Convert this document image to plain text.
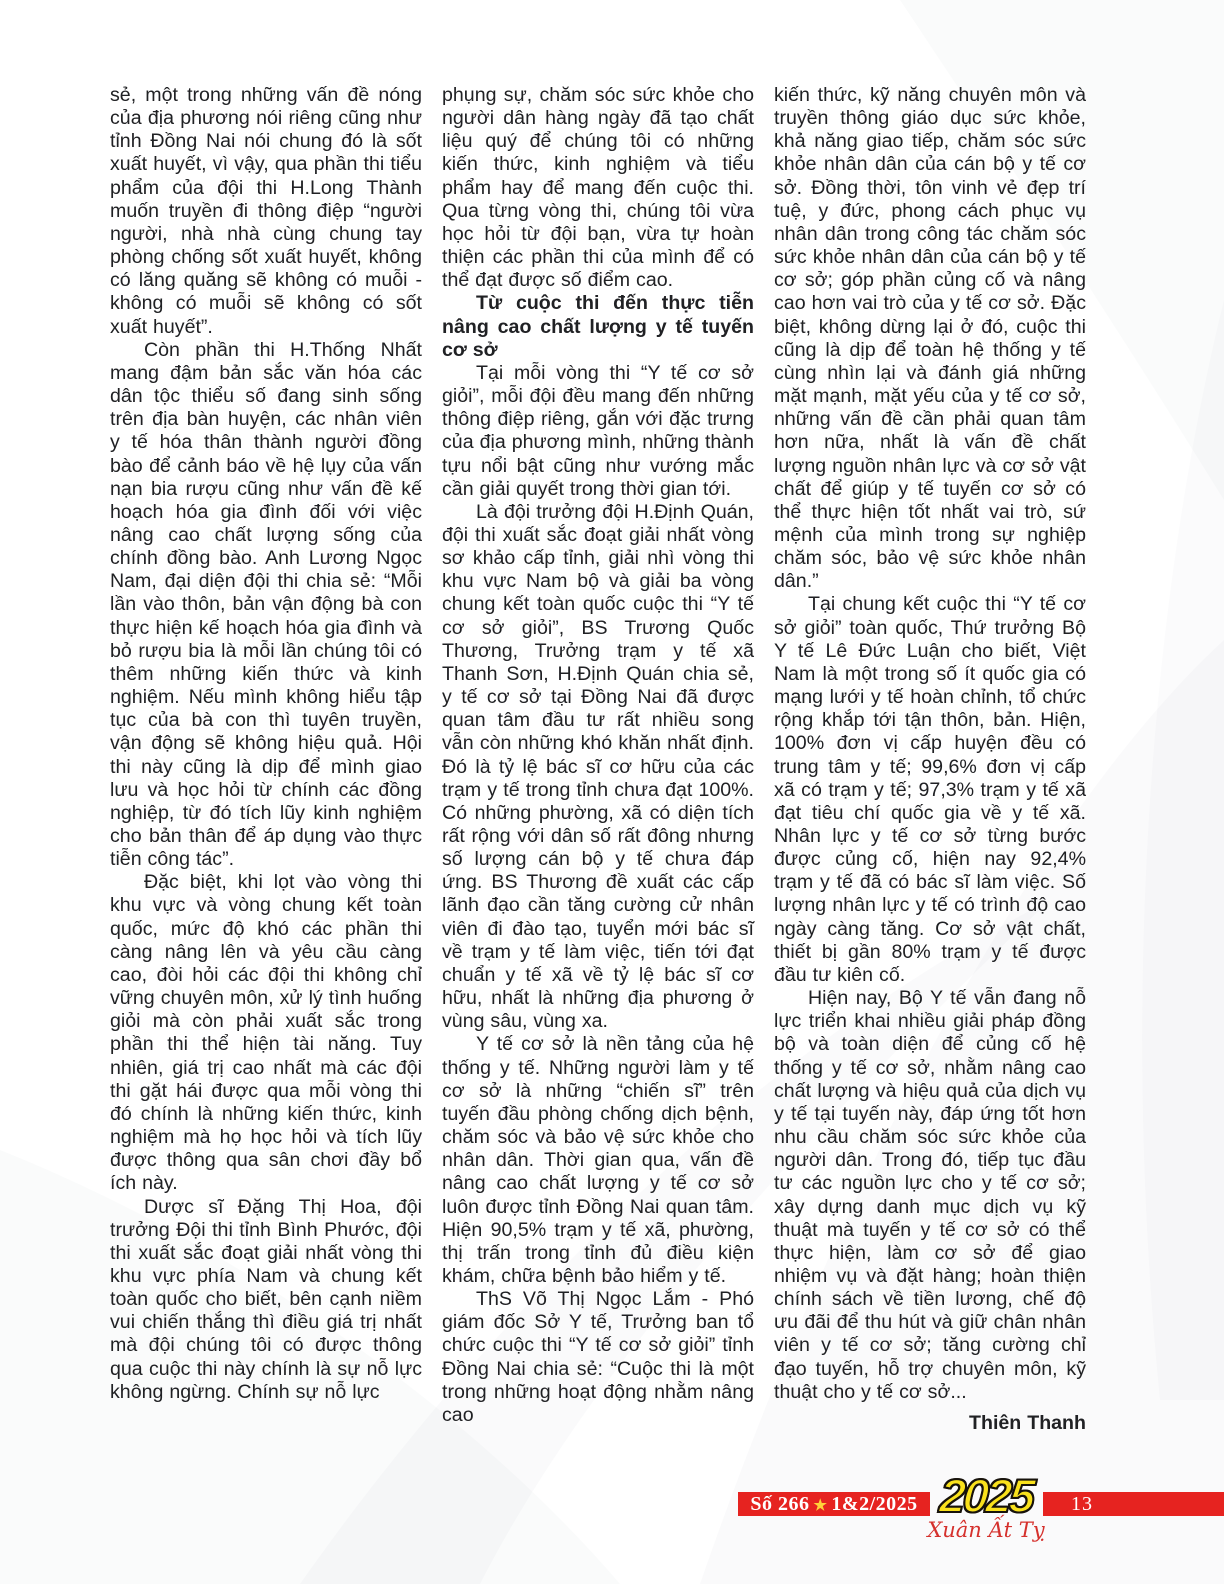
sẻ, một trong những vấn đề nóng của địa phương nói riêng cũng như tỉnh Đồng Nai nói chung đó là sốt xuất huyết, vì vậy, qua phần thi tiểu phẩm của đội thi H.Long Thành muốn truyền đi thông điệp “người người, nhà nhà cùng chung tay phòng chống sốt xuất huyết, không có lăng quăng sẽ không có muỗi - không có muỗi sẽ không có sốt xuất huyết”.

Còn phần thi H.Thống Nhất mang đậm bản sắc văn hóa các dân tộc thiểu số đang sinh sống trên địa bàn huyện, các nhân viên y tế hóa thân thành người đồng bào để cảnh báo về hệ lụy của vấn nạn bia rượu cũng như vấn đề kế hoạch hóa gia đình đối với việc nâng cao chất lượng sống của chính đồng bào. Anh Lương Ngọc Nam, đại diện đội thi chia sẻ: “Mỗi lần vào thôn, bản vận động bà con thực hiện kế hoạch hóa gia đình và bỏ rượu bia là mỗi lần chúng tôi có thêm những kiến thức và kinh nghiệm. Nếu mình không hiểu tập tục của bà con thì tuyên truyền, vận động sẽ không hiệu quả. Hội thi này cũng là dịp để mình giao lưu và học hỏi từ chính các đồng nghiệp, từ đó tích lũy kinh nghiệm cho bản thân để áp dụng vào thực tiễn công tác”.

Đặc biệt, khi lọt vào vòng thi khu vực và vòng chung kết toàn quốc, mức độ khó các phần thi càng nâng lên và yêu cầu càng cao, đòi hỏi các đội thi không chỉ vững chuyên môn, xử lý tình huống giỏi mà còn phải xuất sắc trong phần thi thể hiện tài năng. Tuy nhiên, giá trị cao nhất mà các đội thi gặt hái được qua mỗi vòng thi đó chính là những kiến thức, kinh nghiệm mà họ học hỏi và tích lũy được thông qua sân chơi đầy bổ ích này.

Dược sĩ Đặng Thị Hoa, đội trưởng Đội thi tỉnh Bình Phước, đội thi xuất sắc đoạt giải nhất vòng thi khu vực phía Nam và chung kết toàn quốc cho biết, bên cạnh niềm vui chiến thắng thì điều giá trị nhất mà đội chúng tôi có được thông qua cuộc thi này chính là sự nỗ lực không ngừng. Chính sự nỗ lực

phụng sự, chăm sóc sức khỏe cho người dân hàng ngày đã tạo chất liệu quý để chúng tôi có những kiến thức, kinh nghiệm và tiểu phẩm hay để mang đến cuộc thi. Qua từng vòng thi, chúng tôi vừa học hỏi từ đội bạn, vừa tự hoàn thiện các phần thi của mình để có thể đạt được số điểm cao.

Từ cuộc thi đến thực tiễn nâng cao chất lượng y tế tuyến cơ sở

Tại mỗi vòng thi “Y tế cơ sở giỏi”, mỗi đội đều mang đến những thông điệp riêng, gắn với đặc trưng của địa phương mình, những thành tựu nổi bật cũng như vướng mắc cần giải quyết trong thời gian tới.

Là đội trưởng đội H.Định Quán, đội thi xuất sắc đoạt giải nhất vòng sơ khảo cấp tỉnh, giải nhì vòng thi khu vực Nam bộ và giải ba vòng chung kết toàn quốc cuộc thi “Y tế cơ sở giỏi”, BS Trương Quốc Thương, Trưởng trạm y tế xã Thanh Sơn, H.Định Quán chia sẻ, y tế cơ sở tại Đồng Nai đã được quan tâm đầu tư rất nhiều song vẫn còn những khó khăn nhất định. Đó là tỷ lệ bác sĩ cơ hữu của các trạm y tế trong tỉnh chưa đạt 100%. Có những phường, xã có diện tích rất rộng với dân số rất đông nhưng số lượng cán bộ y tế chưa đáp ứng. BS Thương đề xuất các cấp lãnh đạo cần tăng cường cử nhân viên đi đào tạo, tuyển mới bác sĩ về trạm y tế làm việc, tiến tới đạt chuẩn y tế xã về tỷ lệ bác sĩ cơ hữu, nhất là những địa phương ở vùng sâu, vùng xa.

Y tế cơ sở là nền tảng của hệ thống y tế. Những người làm y tế cơ sở là những “chiến sĩ” trên tuyến đầu phòng chống dịch bệnh, chăm sóc và bảo vệ sức khỏe cho nhân dân. Thời gian qua, vấn đề nâng cao chất lượng y tế cơ sở luôn được tỉnh Đồng Nai quan tâm. Hiện 90,5% trạm y tế xã, phường, thị trấn trong tỉnh đủ điều kiện khám, chữa bệnh bảo hiểm y tế.

ThS Võ Thị Ngọc Lắm - Phó giám đốc Sở Y tế, Trưởng ban tổ chức cuộc thi “Y tế cơ sở giỏi” tỉnh Đồng Nai chia sẻ: “Cuộc thi là một trong những hoạt động nhằm nâng cao

kiến thức, kỹ năng chuyên môn và truyền thông giáo dục sức khỏe, khả năng giao tiếp, chăm sóc sức khỏe nhân dân của cán bộ y tế cơ sở. Đồng thời, tôn vinh vẻ đẹp trí tuệ, y đức, phong cách phục vụ nhân dân trong công tác chăm sóc sức khỏe nhân dân của cán bộ y tế cơ sở; góp phần củng cố và nâng cao hơn vai trò của y tế cơ sở. Đặc biệt, không dừng lại ở đó, cuộc thi cũng là dịp để toàn hệ thống y tế cùng nhìn lại và đánh giá những mặt mạnh, mặt yếu của y tế cơ sở, những vấn đề cần phải quan tâm hơn nữa, nhất là vấn đề chất lượng nguồn nhân lực và cơ sở vật chất để giúp y tế tuyến cơ sở có thể thực hiện tốt nhất vai trò, sứ mệnh của mình trong sự nghiệp chăm sóc, bảo vệ sức khỏe nhân dân.”

Tại chung kết cuộc thi “Y tế cơ sở giỏi” toàn quốc, Thứ trưởng Bộ Y tế Lê Đức Luận cho biết, Việt Nam là một trong số ít quốc gia có mạng lưới y tế hoàn chỉnh, tổ chức rộng khắp tới tận thôn, bản. Hiện, 100% đơn vị cấp huyện đều có trung tâm y tế; 99,6% đơn vị cấp xã có trạm y tế; 97,3% trạm y tế xã đạt tiêu chí quốc gia về y tế xã. Nhân lực y tế cơ sở từng bước được củng cố, hiện nay 92,4% trạm y tế đã có bác sĩ làm việc. Số lượng nhân lực y tế có trình độ cao ngày càng tăng. Cơ sở vật chất, thiết bị gần 80% trạm y tế được đầu tư kiên cố.

Hiện nay, Bộ Y tế vẫn đang nỗ lực triển khai nhiều giải pháp đồng bộ và toàn diện để củng cố hệ thống y tế cơ sở, nhằm nâng cao chất lượng và hiệu quả của dịch vụ y tế tại tuyến này, đáp ứng tốt hơn nhu cầu chăm sóc sức khỏe của người dân. Trong đó, tiếp tục đầu tư các nguồn lực cho y tế cơ sở; xây dựng danh mục dịch vụ kỹ thuật mà tuyến y tế cơ sở có thể thực hiện, làm cơ sở để giao nhiệm vụ và đặt hàng; hoàn thiện chính sách về tiền lương, chế độ ưu đãi để thu hút và giữ chân nhân viên y tế cơ sở; tăng cường chỉ đạo tuyến, hỗ trợ chuyên môn, kỹ thuật cho y tế cơ sở...

Thiên Thanh

Số 266 ★ 1&2/2025 2025
Xuân Ất Tỵ
13
